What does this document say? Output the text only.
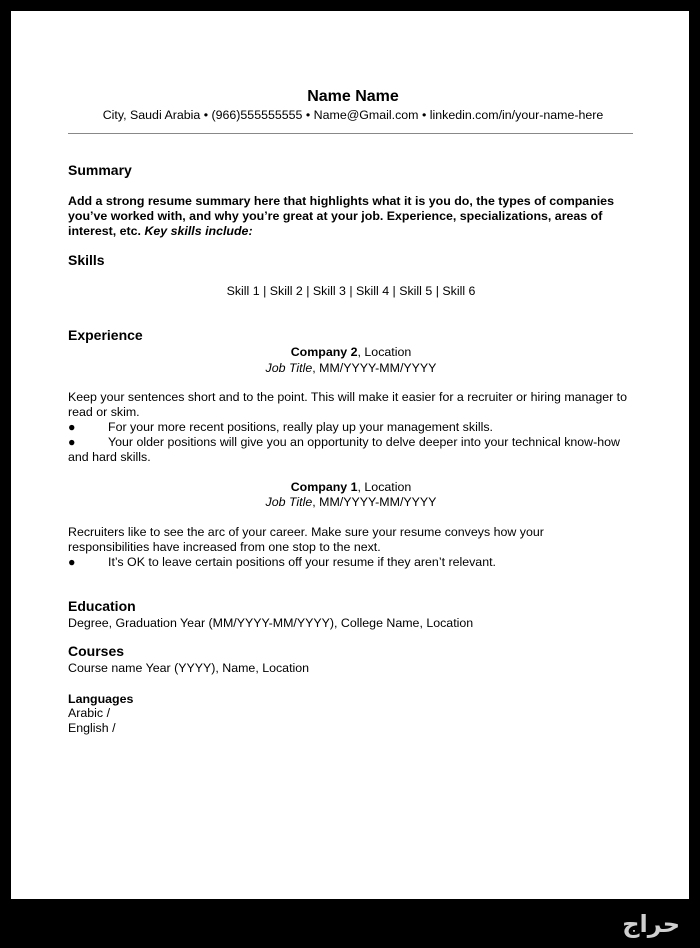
Name Name
City, Saudi Arabia • (966)555555555 • Name@Gmail.com • linkedin.com/in/your-name-here
Summary
Add a strong resume summary here that highlights what it is you do, the types of companies you’ve worked with, and why you’re great at your job. Experience, specializations, areas of interest, etc. Key skills include:
Skills
Skill 1 | Skill 2 | Skill 3 | Skill 4 | Skill 5 | Skill 6
Experience
Company 2, Location
Job Title, MM/YYYY-MM/YYYY
Keep your sentences short and to the point. This will make it easier for a recruiter or hiring manager to read or skim.
●	For your more recent positions, really play up your management skills.
●	Your older positions will give you an opportunity to delve deeper into your technical know-how
and hard skills.
Company 1, Location
Job Title, MM/YYYY-MM/YYYY
Recruiters like to see the arc of your career. Make sure your resume conveys how your responsibilities have increased from one stop to the next.
●	It’s OK to leave certain positions off your resume if they aren’t relevant.
Education
Degree, Graduation Year (MM/YYYY-MM/YYYY), College Name, Location
Courses
Course name Year (YYYY), Name, Location
Languages
Arabic /
English /
حراج
